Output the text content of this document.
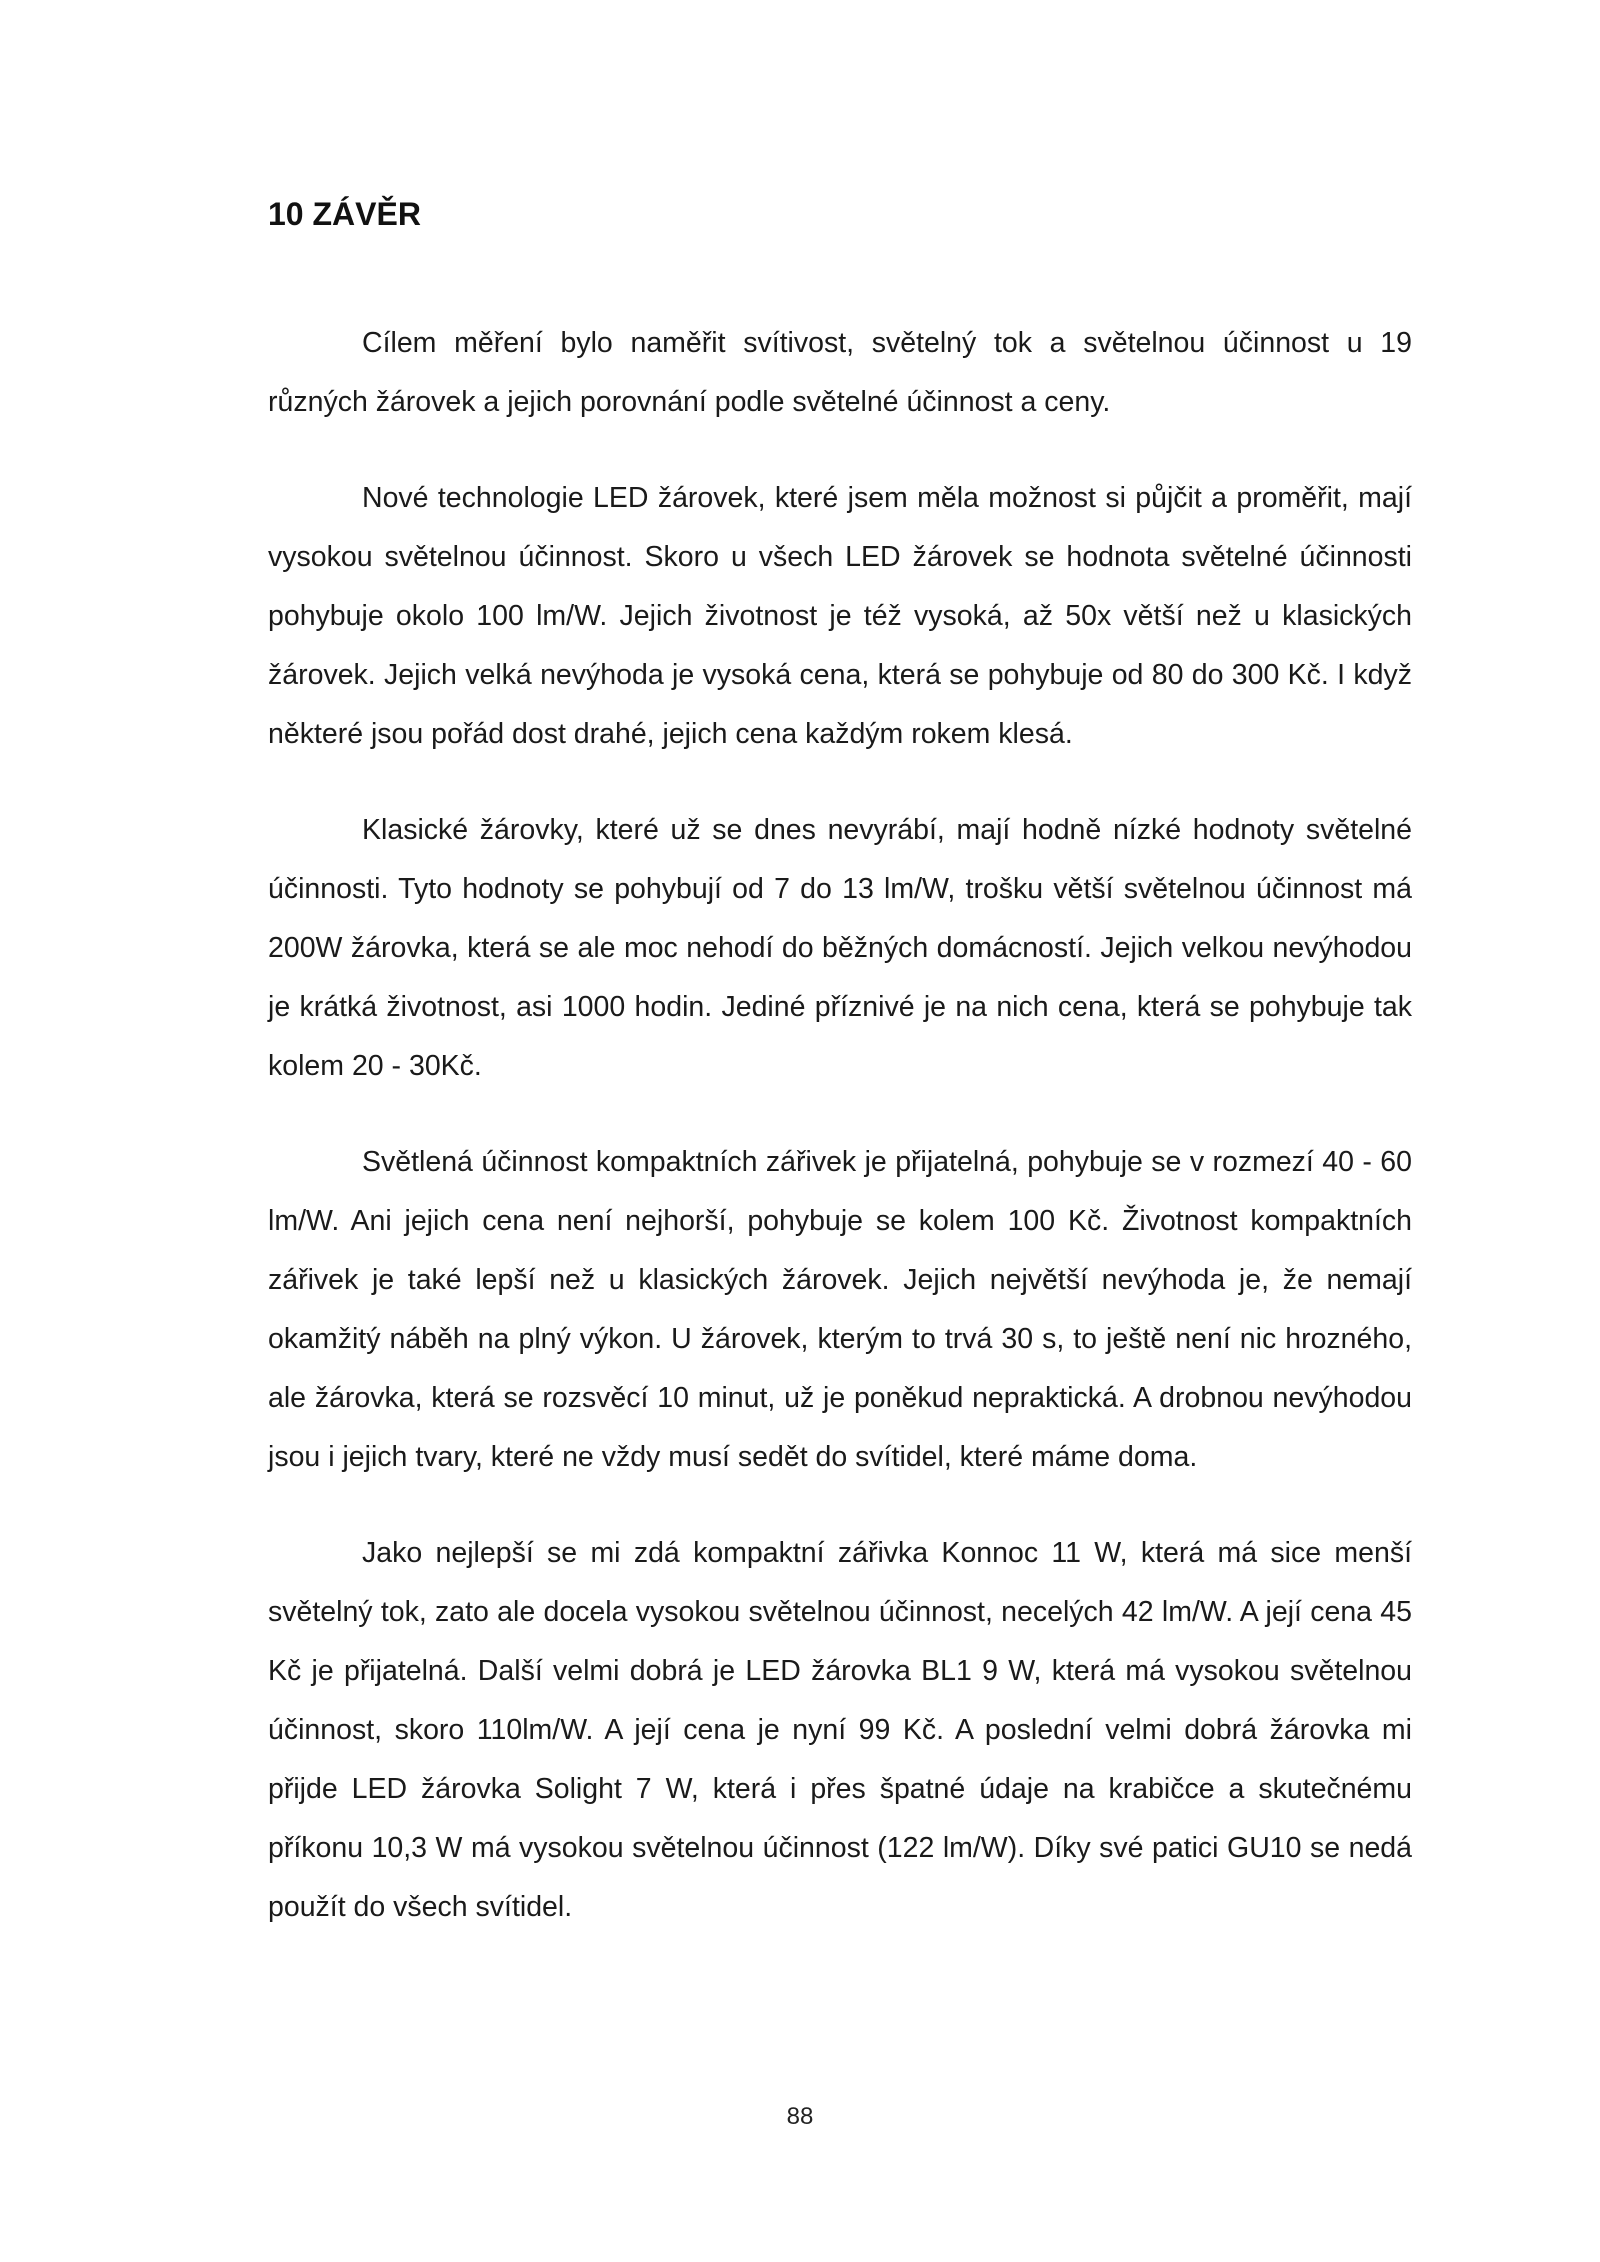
10 ZÁVĚR

Cílem měření bylo naměřit svítivost, světelný tok a světelnou účinnost u 19 různých žárovek a jejich porovnání podle světelné účinnost a ceny.

Nové technologie LED žárovek, které jsem měla možnost si půjčit a proměřit, mají vysokou světelnou účinnost. Skoro u všech LED žárovek se hodnota světelné účinnosti pohybuje okolo 100 lm/W. Jejich životnost je též vysoká, až 50x větší než u klasických žárovek. Jejich velká nevýhoda je vysoká cena, která se pohybuje od 80 do 300 Kč. I když některé jsou pořád dost drahé, jejich cena každým rokem klesá.

Klasické žárovky, které už se dnes nevyrábí, mají hodně nízké hodnoty světelné účinnosti. Tyto hodnoty se pohybují od 7 do 13 lm/W, trošku větší světelnou účinnost má 200W žárovka, která se ale moc nehodí do běžných domácností. Jejich velkou nevýhodou je krátká životnost, asi 1000 hodin. Jediné příznivé je na nich cena, která se pohybuje tak kolem 20 - 30Kč.

Světlená účinnost kompaktních zářivek je přijatelná, pohybuje se v rozmezí 40 - 60 lm/W. Ani jejich cena není nejhorší, pohybuje se kolem 100 Kč. Životnost kompaktních zářivek je také lepší než u klasických žárovek. Jejich největší nevýhoda je, že nemají okamžitý náběh na plný výkon. U žárovek, kterým to trvá 30 s, to ještě není nic hrozného, ale žárovka, která se rozsvěcí 10 minut, už je poněkud nepraktická. A drobnou nevýhodou jsou i jejich tvary, které ne vždy musí sedět do svítidel, které máme doma.

Jako nejlepší se mi zdá kompaktní zářivka Konnoc 11 W, která má sice menší světelný tok, zato ale docela vysokou světelnou účinnost, necelých 42 lm/W. A její cena 45 Kč je přijatelná. Další velmi dobrá je LED žárovka BL1 9 W, která má vysokou světelnou účinnost, skoro 110lm/W. A její cena je nyní 99 Kč. A poslední velmi dobrá žárovka mi přijde LED žárovka Solight 7 W, která i přes špatné údaje na krabičce a skutečnému příkonu 10,3 W má vysokou světelnou účinnost (122 lm/W). Díky své patici GU10 se nedá použít do všech svítidel.

88
